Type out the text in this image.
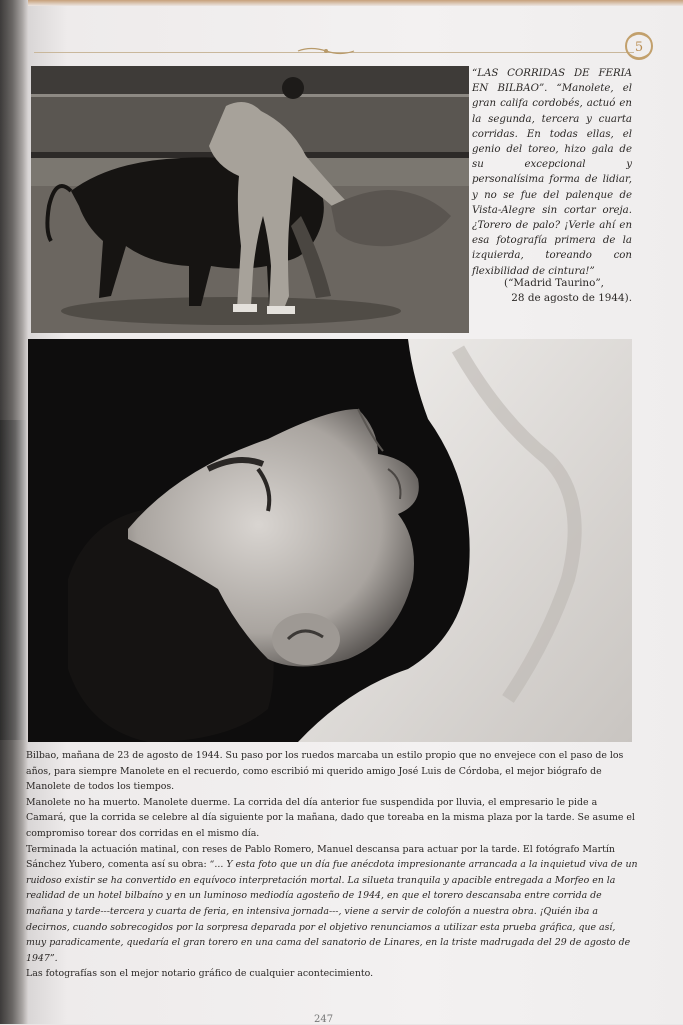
5
“LAS CORRIDAS DE FERIA EN BILBAO”. “Manolete, el gran califa cordobés, actuó en la segunda, tercera y cuarta corridas. En todas ellas, el genio del toreo, hizo gala de su excepcional y personalísima forma de lidiar, y no se fue del palenque de Vista-Alegre sin cortar oreja. ¿Torero de palo? ¡Verle ahí en esa fotografía primera de la izquierda, toreando con flexibilidad de cintura!”
(“Madrid Taurino”,
28 de agosto de 1944).

Bilbao, mañana de 23 de agosto de 1944. Su paso por los ruedos marcaba un estilo propio que no envejece con el paso de los años, para siempre Manolete en el recuerdo, como escribió mi querido amigo José Luis de Córdoba, el mejor biógrafo de Manolete de todos los tiempos.

Manolete no ha muerto. Manolete duerme. La corrida del día anterior fue suspendida por lluvia, el empresario le pide a Camará, que la corrida se celebre al día siguiente por la mañana, dado que toreaba en la misma plaza por la tarde. Se asume el compromiso torear dos corridas en el mismo día.

Terminada la actuación matinal, con reses de Pablo Romero, Manuel descansa para actuar por la tarde. El fotógrafo Martín Sánchez Yubero, comenta así su obra: “... Y esta foto que un día fue anécdota impresionante arrancada a la inquietud viva de un ruidoso existir se ha convertido en equívoco interpretación mortal. La silueta tranquila y apacible entregada a Morfeo en la realidad de un hotel bilbaíno y en un luminoso mediodía agosteño de 1944, en que el torero descansaba entre corrida de mañana y tarde---tercera y cuarta de feria, en intensiva jornada---, viene a servir de colofón a nuestra obra. ¡Quién iba a decirnos, cuando sobrecogidos por la sorpresa deparada por el objetivo renunciamos a utilizar esta prueba gráfica, que así, muy paradicamente, quedaría el gran torero en una cama del sanatorio de Linares, en la triste madrugada del 29 de agosto de 1947”.

Las fotografías son el mejor notario gráfico de cualquier acontecimiento.

247
